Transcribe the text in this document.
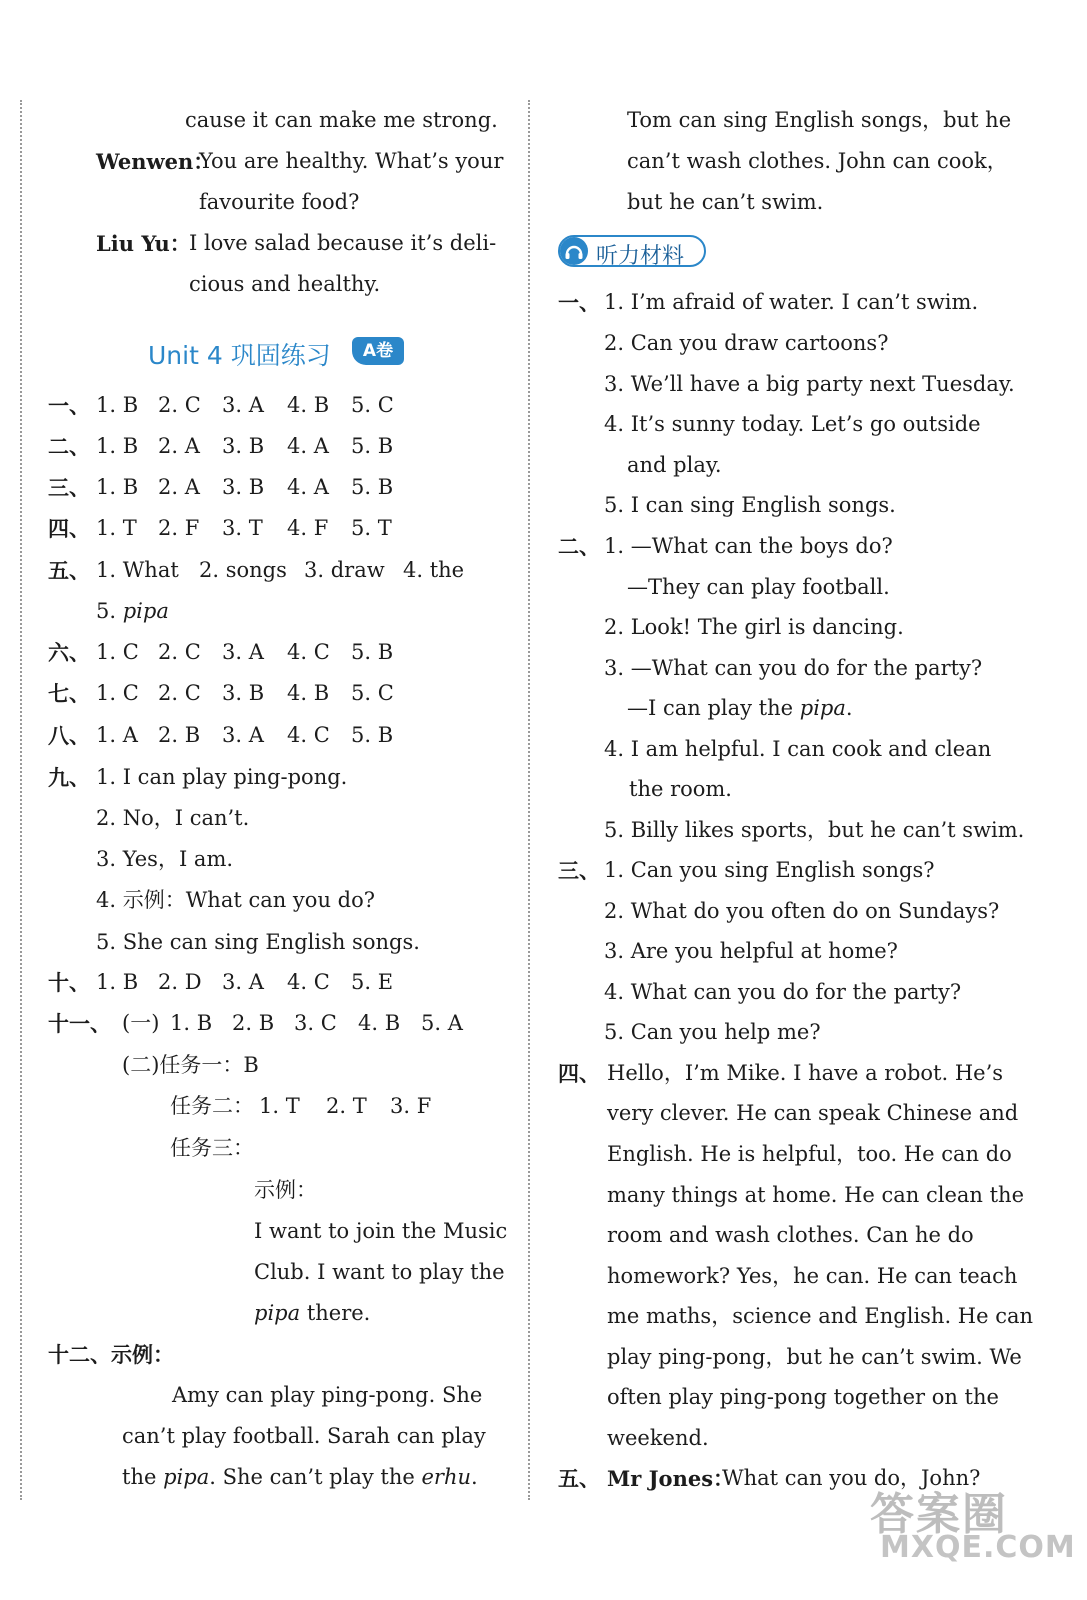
cause it can make me strong.
Wenwen：
You are healthy. What’s your
favourite food?
Liu Yu：
I love salad because it’s deli-
cious and healthy.
Unit 4 巩固练习	A卷
一、 1. B 2. C 3. A 4. B 5. C
二、 1. B 2. A 3. B 4. A 5. B
三、 1. B 2. A 3. B 4. A 5. B
四、 1. T 2. F 3. T 4. F 5. T
五、 1. What 2. songs 3. draw 4. the
5. pipa
六、 1. C 2. C 3. A 4. C 5. B
七、 1. C 2. C 3. B 4. B 5. C
八、 1. A 2. B 3. A 4. C 5. B
九、 1. I can play ping-pong.
2. No，I can’t.
3. Yes，I am.
4. 示例：What can you do?
5. She can sing English songs.
十、 1. B 2. D 3. A 4. C 5. E
十一、 (一) 1. B 2. B 3. C 4. B 5. A
(二)任务一：B
任务二： 1. T 2. T 3. F
任务三：
示例：
I want to join the Music
Club. I want to play the
pipa there.
十二、示例：
Amy can play ping-pong. She
can’t play football. Sarah can play
the pipa. She can’t play the erhu.
Tom can sing English songs，but he
can’t wash clothes. John can cook，
but he can’t swim.
听力材料
一、 1. I’m afraid of water. I can’t swim.
2. Can you draw cartoons?
3. We’ll have a big party next Tuesday.
4. It’s sunny today. Let’s go outside
and play.
5. I can sing English songs.
二、 1. —What can the boys do?
—They can play football.
2. Look! The girl is dancing.
3. —What can you do for the party?
—I can play the pipa.
4. I am helpful. I can cook and clean
the room.
5. Billy likes sports，but he can’t swim.
三、 1. Can you sing English songs?
2. What do you often do on Sundays?
3. Are you helpful at home?
4. What can you do for the party?
5. Can you help me?
四、 Hello，I’m Mike. I have a robot. He’s
very clever. He can speak Chinese and
English. He is helpful，too. He can do
many things at home. He can clean the
room and wash clothes. Can he do
homework? Yes，he can. He can teach
me maths，science and English. He can
play ping-pong，but he can’t swim. We
often play ping-pong together on the
weekend.
五、 Mr Jones：
What can you do，John?
答案圈
MXQE.COM
